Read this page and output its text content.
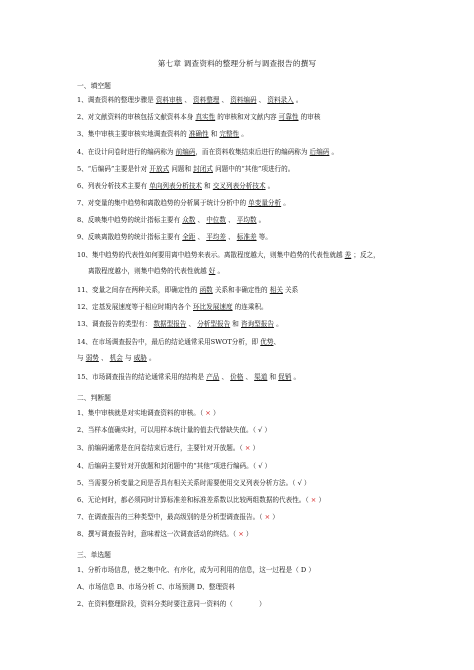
第七章 调查资料的整理分析与调查报告的撰写
一、填空题
1、调查资料的整理步骤是 资料审核 、 资料整理 、 资料编码 、 资料录入 。
2、对文献资料的审核包括文献资料本身 真实性 的审核和对文献内容 可靠性 的审核
3、集中审核主要审核实地调查资料的 准确性 和 完整性 。
4、在设计问卷时进行的编码称为 前编码，而在资料收集结束后进行的编码称为 后编码 。
5、“后编码”主要是针对 开放式 问题和 封闭式 问题中的“其他”项进行的。
6、列表分析技术主要有 单向列表分析技术 和 交叉列表分析技术 。
7、对变量的集中趋势和离散趋势的分析属于统计分析中的 单变量分析 。
8、反映集中趋势的统计指标主要有 众数 、 中位数 、 平均数 。
9、反映离散趋势的统计指标主要有 全距 、 平均差 、 标准差 等。
10、集中趋势的代表性如何要用离中趋势来表示。离散程度越大，则集中趋势的代表性就越 差 ；反之，
离散程度越小，则集中趋势的代表性就越 好 。
11、变量之间存在两种关系，即确定性的 函数 关系和非确定性的 相关 关系
12、定基发展速度等于相应时期内各个 环比发展速度 的连乘积。
13、调查报告的类型有： 数据型报告 、 分析型报告 和 咨询型报告 。
14、在市场调查报告中，最后的结论通常采用SWOT分析，即 优势、
与 弱势 、 机会 与 威胁 。
15、市场调查报告的结论通常采用的结构是 产品 、 价格 、 渠道 和 促销 。
二、判断题
1、集中审核就是对实地调查资料的审核。（ × ）
2、当样本值确实时，可以用样本统计量的值去代替缺失值。（ √ ）
3、前编码通常是在问卷结束后进行，主要针对开放题。（ × ）
4、后编码主要针对开放题和封闭题中的“其他”项进行编码。（ √ ）
5、当需要分析变量之间是否具有相关关系时需要使用交叉列表分析方法。（ √ ）
6、无论何时，都必须同时计算标准差和标准差系数以比较两组数据的代表性。（ × ）
7、在调查报告的三种类型中，最高级别的是分析型调查报告。（ × ）
8、撰写调查报告时，意味着这一次调查活动的终结。（ × ）
三、单选题
1、分析市场信息，使之集中化、有序化，成为可利用的信息，这一过程是（ D ）
A、市场信息 B、市场分析 C、市场预测 D、整理资料
2、在资料整理阶段，资料分类时要注意同一资料的（	）
